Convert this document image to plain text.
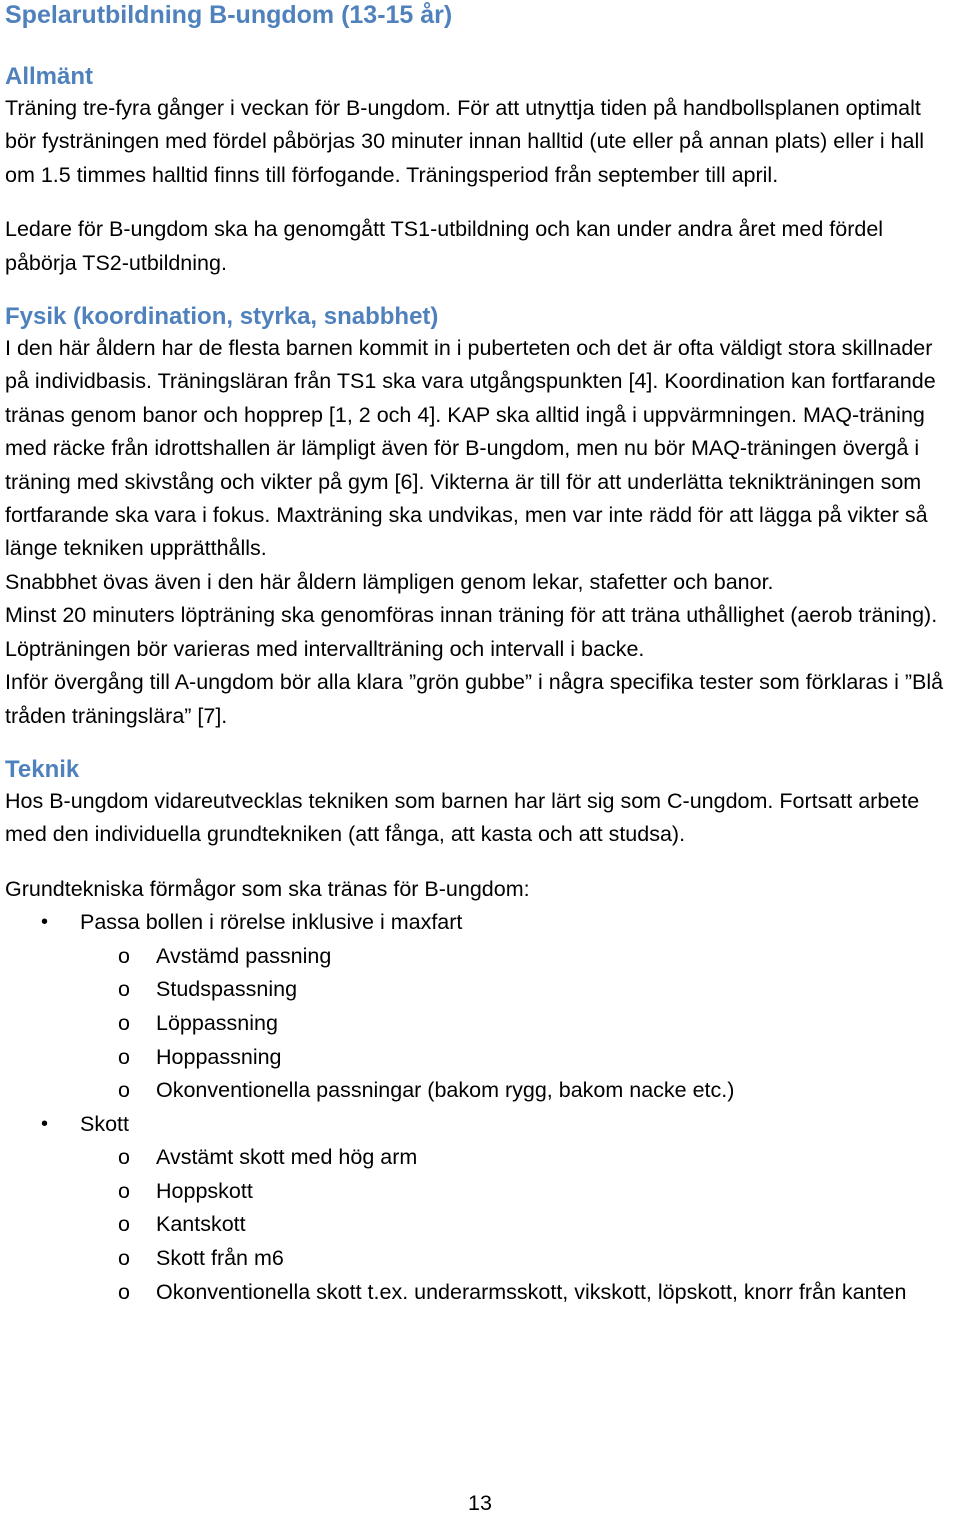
Spelarutbildning B-ungdom (13-15 år)
Allmänt

Träning tre-fyra gånger i veckan för B-ungdom. För att utnyttja tiden på handbollsplanen optimalt bör fysträningen med fördel påbörjas 30 minuter innan halltid (ute eller på annan plats) eller i hall om 1.5 timmes halltid finns till förfogande. Träningsperiod från september till april.

Ledare för B-ungdom ska ha genomgått TS1-utbildning och kan under andra året med fördel påbörja TS2-utbildning.

Fysik (koordination, styrka, snabbhet)

I den här åldern har de flesta barnen kommit in i puberteten och det är ofta väldigt stora skillnader på individbasis. Träningsläran från TS1 ska vara utgångspunkten [4]. Koordination kan fortfarande tränas genom banor och hopprep [1, 2 och 4]. KAP ska alltid ingå i uppvärmningen. MAQ-träning med räcke från idrottshallen är lämpligt även för B-ungdom, men nu bör MAQ-träningen övergå i träning med skivstång och vikter på gym [6]. Vikterna är till för att underlätta teknikträningen som fortfarande ska vara i fokus. Maxträning ska undvikas, men var inte rädd för att lägga på vikter så länge tekniken upprätthålls.

Snabbhet övas även i den här åldern lämpligen genom lekar, stafetter och banor.

Minst 20 minuters löpträning ska genomföras innan träning för att träna uthållighet (aerob träning). Löpträningen bör varieras med intervallträning och intervall i backe.

Inför övergång till A-ungdom bör alla klara ”grön gubbe” i några specifika tester som förklaras i ”Blå tråden träningslära” [7].

Teknik

Hos B-ungdom vidareutvecklas tekniken som barnen har lärt sig som C-ungdom. Fortsatt arbete med den individuella grundtekniken (att fånga, att kasta och att studsa).

Grundtekniska förmågor som ska tränas för B-ungdom:

• Passa bollen i rörelse inklusive i maxfart
o Avstämd passning
o Studspassning
o Löppassning
o Hoppassning
o Okonventionella passningar (bakom rygg, bakom nacke etc.)
• Skott
o Avstämt skott med hög arm
o Hoppskott
o Kantskott
o Skott från m6
o Okonventionella skott t.ex. underarmsskott, vikskott, löpskott, knorr från kanten
13
